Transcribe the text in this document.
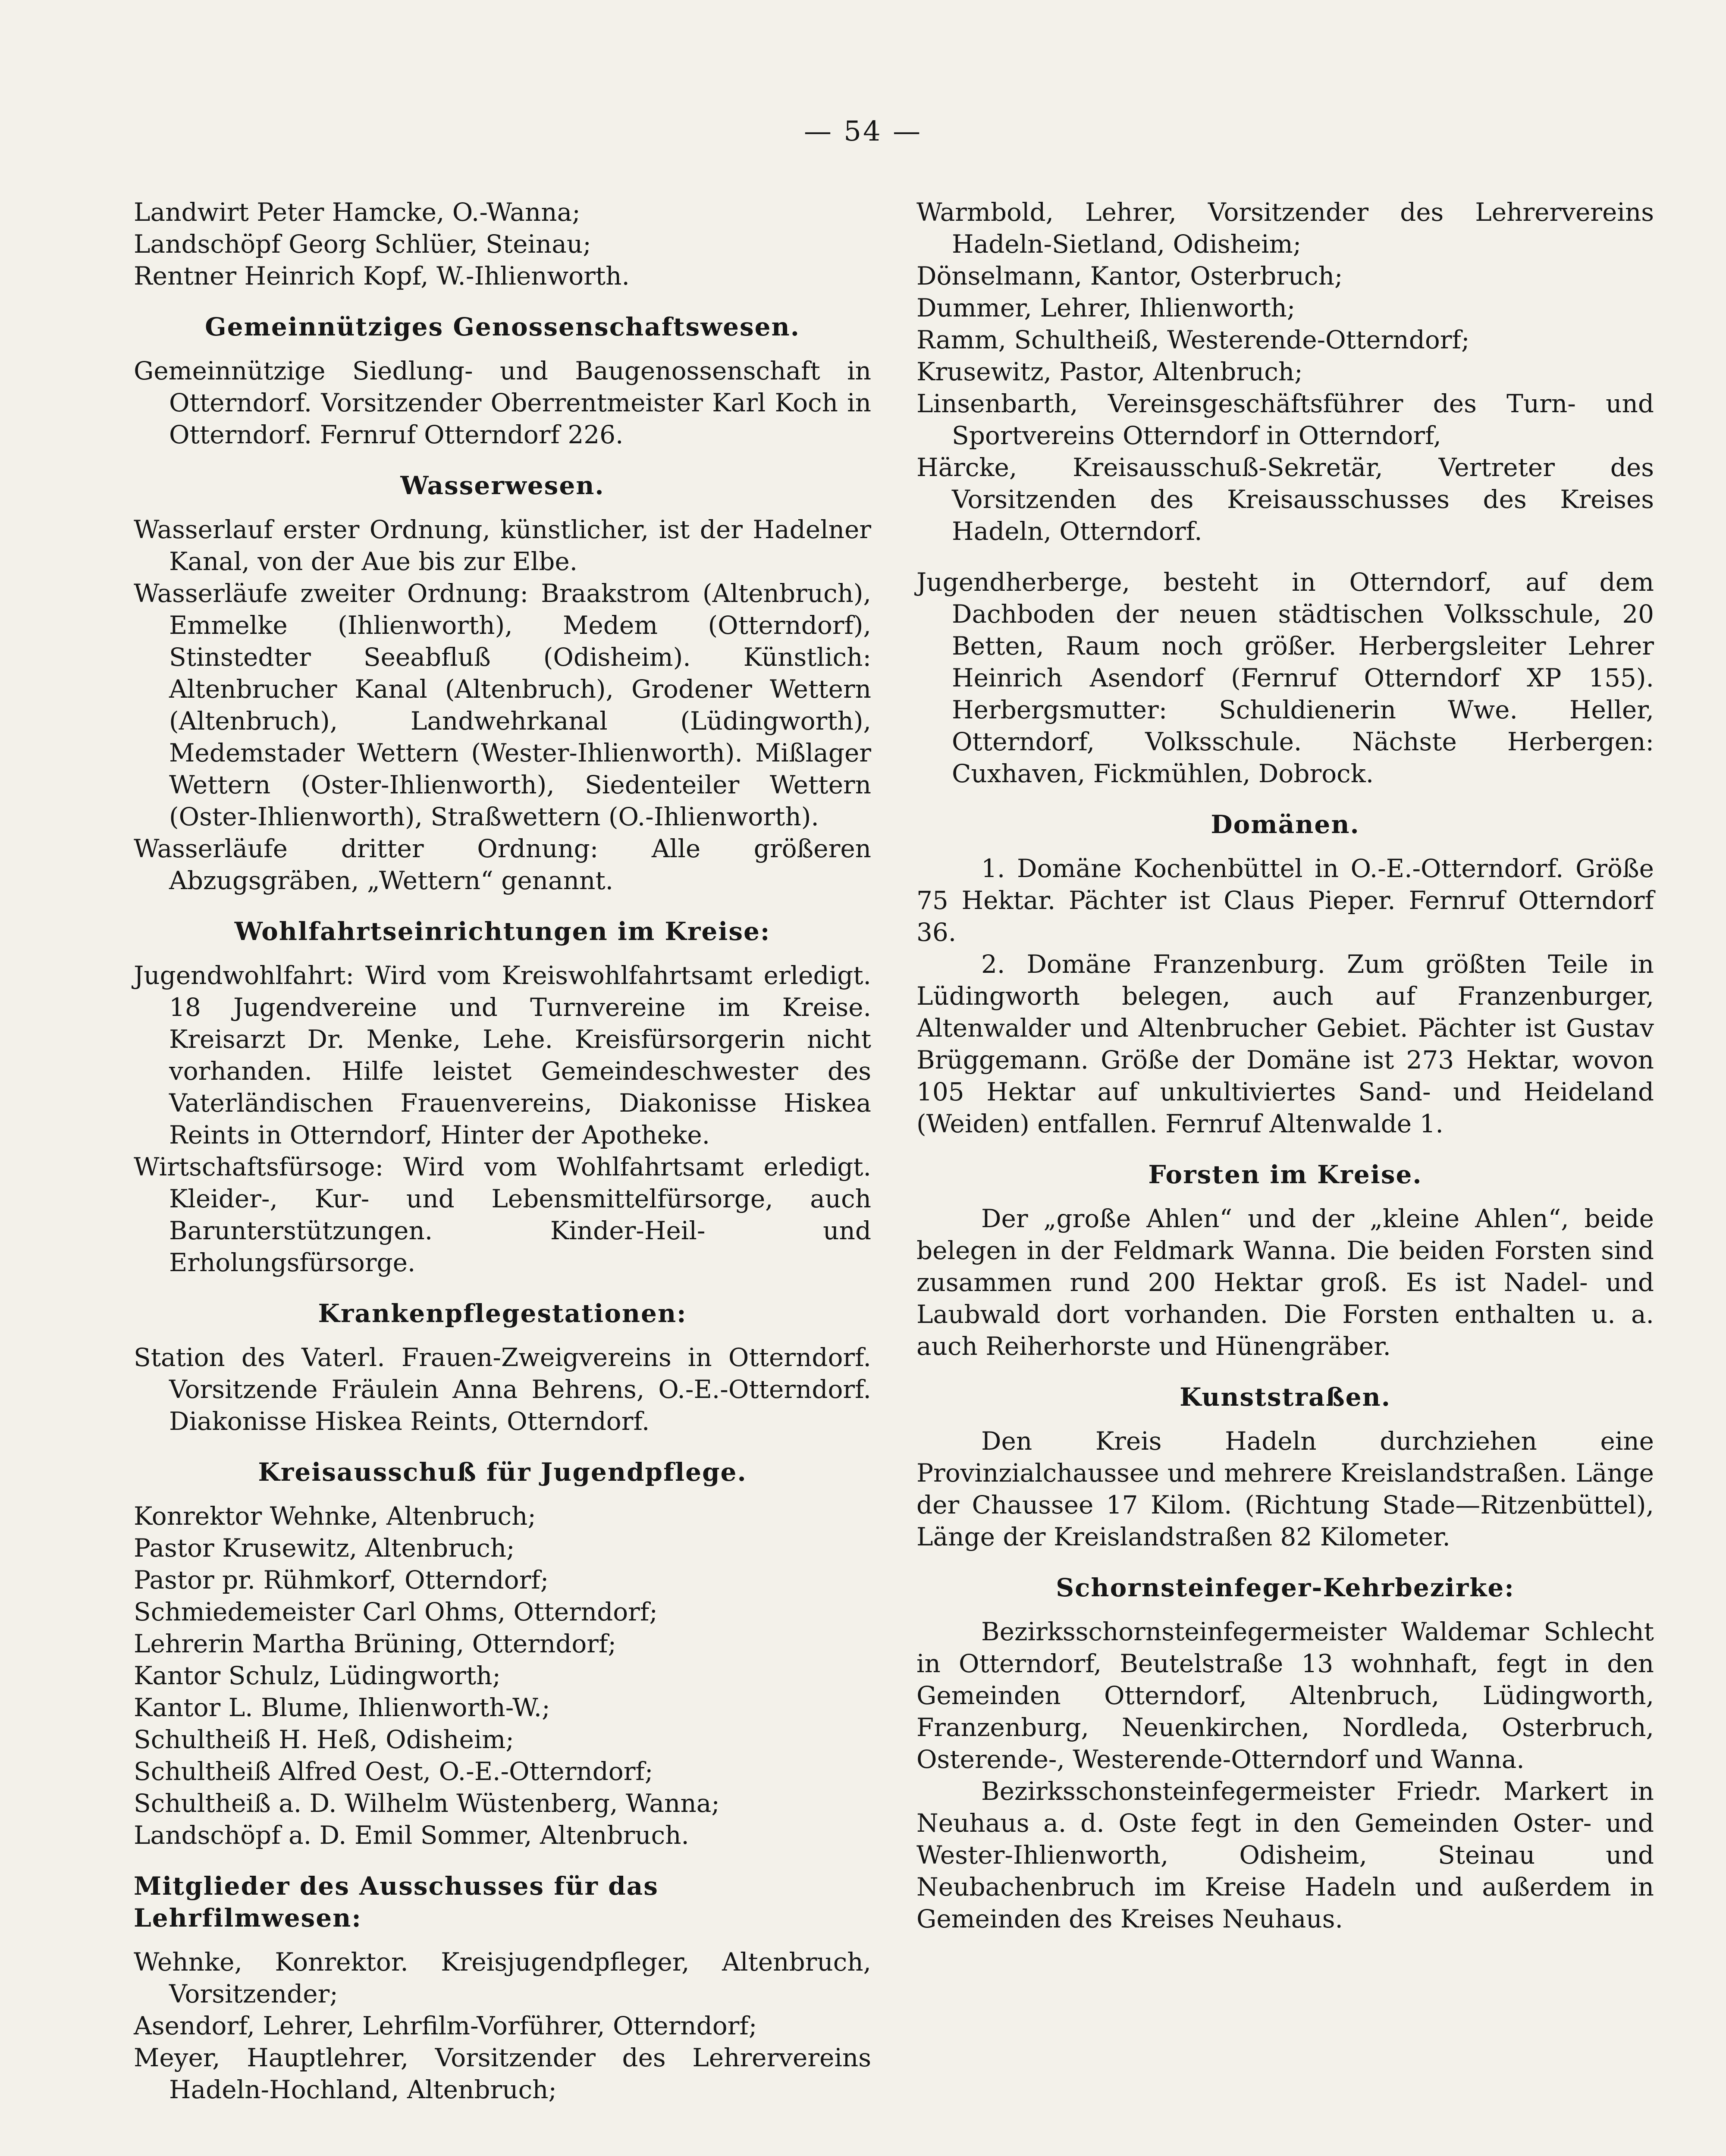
— 54 —

Landwirt Peter Hamcke, O.-Wanna;

Landschöpf Georg Schlüer, Steinau;

Rentner Heinrich Kopf, W.-Ihlienworth.

Gemeinnütziges Genossenschaftswesen.

Gemeinnützige Siedlung- und Baugenossenschaft in Otterndorf. Vorsitzender Oberrentmeister Karl Koch in Otterndorf. Fernruf Otterndorf 226.

Wasserwesen.

Wasserlauf erster Ordnung, künstlicher, ist der Hadelner Kanal, von der Aue bis zur Elbe.

Wasserläufe zweiter Ordnung: Braakstrom (Altenbruch), Emmelke (Ihlienworth), Medem (Otterndorf), Stinstedter Seeabfluß (Odisheim). Künstlich: Altenbrucher Kanal (Altenbruch), Grodener Wettern (Altenbruch), Landwehrkanal (Lüdingworth), Medemstader Wettern (Wester-Ihlienworth). Mißlager Wettern (Oster-Ihlienworth), Siedenteiler Wettern (Oster-Ihlienworth), Straßwettern (O.-Ihlienworth).

Wasserläufe dritter Ordnung: Alle größeren Abzugsgräben, „Wettern“ genannt.

Wohlfahrtseinrichtungen im Kreise:

Jugendwohlfahrt: Wird vom Kreiswohlfahrtsamt erledigt. 18 Jugendvereine und Turnvereine im Kreise. Kreisarzt Dr. Menke, Lehe. Kreisfürsorgerin nicht vorhanden. Hilfe leistet Gemeindeschwester des Vaterländischen Frauenvereins, Diakonisse Hiskea Reints in Otterndorf, Hinter der Apotheke.

Wirtschaftsfürsoge: Wird vom Wohlfahrtsamt erledigt. Kleider-, Kur- und Lebensmittelfürsorge, auch Barunterstützungen. Kinder-Heil- und Erholungsfürsorge.

Krankenpflegestationen:

Station des Vaterl. Frauen-Zweigvereins in Otterndorf. Vorsitzende Fräulein Anna Behrens, O.-E.-Otterndorf. Diakonisse Hiskea Reints, Otterndorf.

Kreisausschuß für Jugendpflege.

Konrektor Wehnke, Altenbruch;

Pastor Krusewitz, Altenbruch;

Pastor pr. Rühmkorf, Otterndorf;

Schmiedemeister Carl Ohms, Otterndorf;

Lehrerin Martha Brüning, Otterndorf;

Kantor Schulz, Lüdingworth;

Kantor L. Blume, Ihlienworth-W.;

Schultheiß H. Heß, Odisheim;

Schultheiß Alfred Oest, O.-E.-Otterndorf;

Schultheiß a. D. Wilhelm Wüstenberg, Wanna;

Landschöpf a. D. Emil Sommer, Altenbruch.

Mitglieder des Ausschusses für das Lehrfilmwesen:

Wehnke, Konrektor. Kreisjugendpfleger, Altenbruch, Vorsitzender;

Asendorf, Lehrer, Lehrfilm-Vorführer, Otterndorf;

Meyer, Hauptlehrer, Vorsitzender des Lehrervereins Hadeln-Hochland, Altenbruch;

Warmbold, Lehrer, Vorsitzender des Lehrervereins Hadeln-Sietland, Odisheim;

Dönselmann, Kantor, Osterbruch;

Dummer, Lehrer, Ihlienworth;

Ramm, Schultheiß, Westerende-Otterndorf;

Krusewitz, Pastor, Altenbruch;

Linsenbarth, Vereinsgeschäftsführer des Turn- und Sportvereins Otterndorf in Otterndorf,

Härcke, Kreisausschuß-Sekretär, Vertreter des Vorsitzenden des Kreisausschusses des Kreises Hadeln, Otterndorf.

Jugendherberge, besteht in Otterndorf, auf dem Dachboden der neuen städtischen Volksschule, 20 Betten, Raum noch größer. Herbergsleiter Lehrer Heinrich Asendorf (Fernruf Otterndorf XP 155). Herbergsmutter: Schuldienerin Wwe. Heller, Otterndorf, Volksschule. Nächste Herbergen: Cuxhaven, Fickmühlen, Dobrock.

Domänen.

1. Domäne Kochenbüttel in O.-E.-Otterndorf. Größe 75 Hektar. Pächter ist Claus Pieper. Fernruf Otterndorf 36.

2. Domäne Franzenburg. Zum größten Teile in Lüdingworth belegen, auch auf Franzenburger, Altenwalder und Altenbrucher Gebiet. Pächter ist Gustav Brüggemann. Größe der Domäne ist 273 Hektar, wovon 105 Hektar auf unkultiviertes Sand- und Heideland (Weiden) entfallen. Fernruf Altenwalde 1.

Forsten im Kreise.

Der „große Ahlen“ und der „kleine Ahlen“, beide belegen in der Feldmark Wanna. Die beiden Forsten sind zusammen rund 200 Hektar groß. Es ist Nadel- und Laubwald dort vorhanden. Die Forsten enthalten u. a. auch Reiherhorste und Hünengräber.

Kunststraßen.

Den Kreis Hadeln durchziehen eine Provinzialchaussee und mehrere Kreislandstraßen. Länge der Chaussee 17 Kilom. (Richtung Stade—Ritzenbüttel), Länge der Kreislandstraßen 82 Kilometer.

Schornsteinfeger-Kehrbezirke:

Bezirksschornsteinfegermeister Waldemar Schlecht in Otterndorf, Beutelstraße 13 wohnhaft, fegt in den Gemeinden Otterndorf, Altenbruch, Lüdingworth, Franzenburg, Neuenkirchen, Nordleda, Osterbruch, Osterende-, Westerende-Otterndorf und Wanna.

Bezirksschonsteinfegermeister Friedr. Markert in Neuhaus a. d. Oste fegt in den Gemeinden Oster- und Wester-Ihlienworth, Odisheim, Steinau und Neubachenbruch im Kreise Hadeln und außerdem in Gemeinden des Kreises Neuhaus.
